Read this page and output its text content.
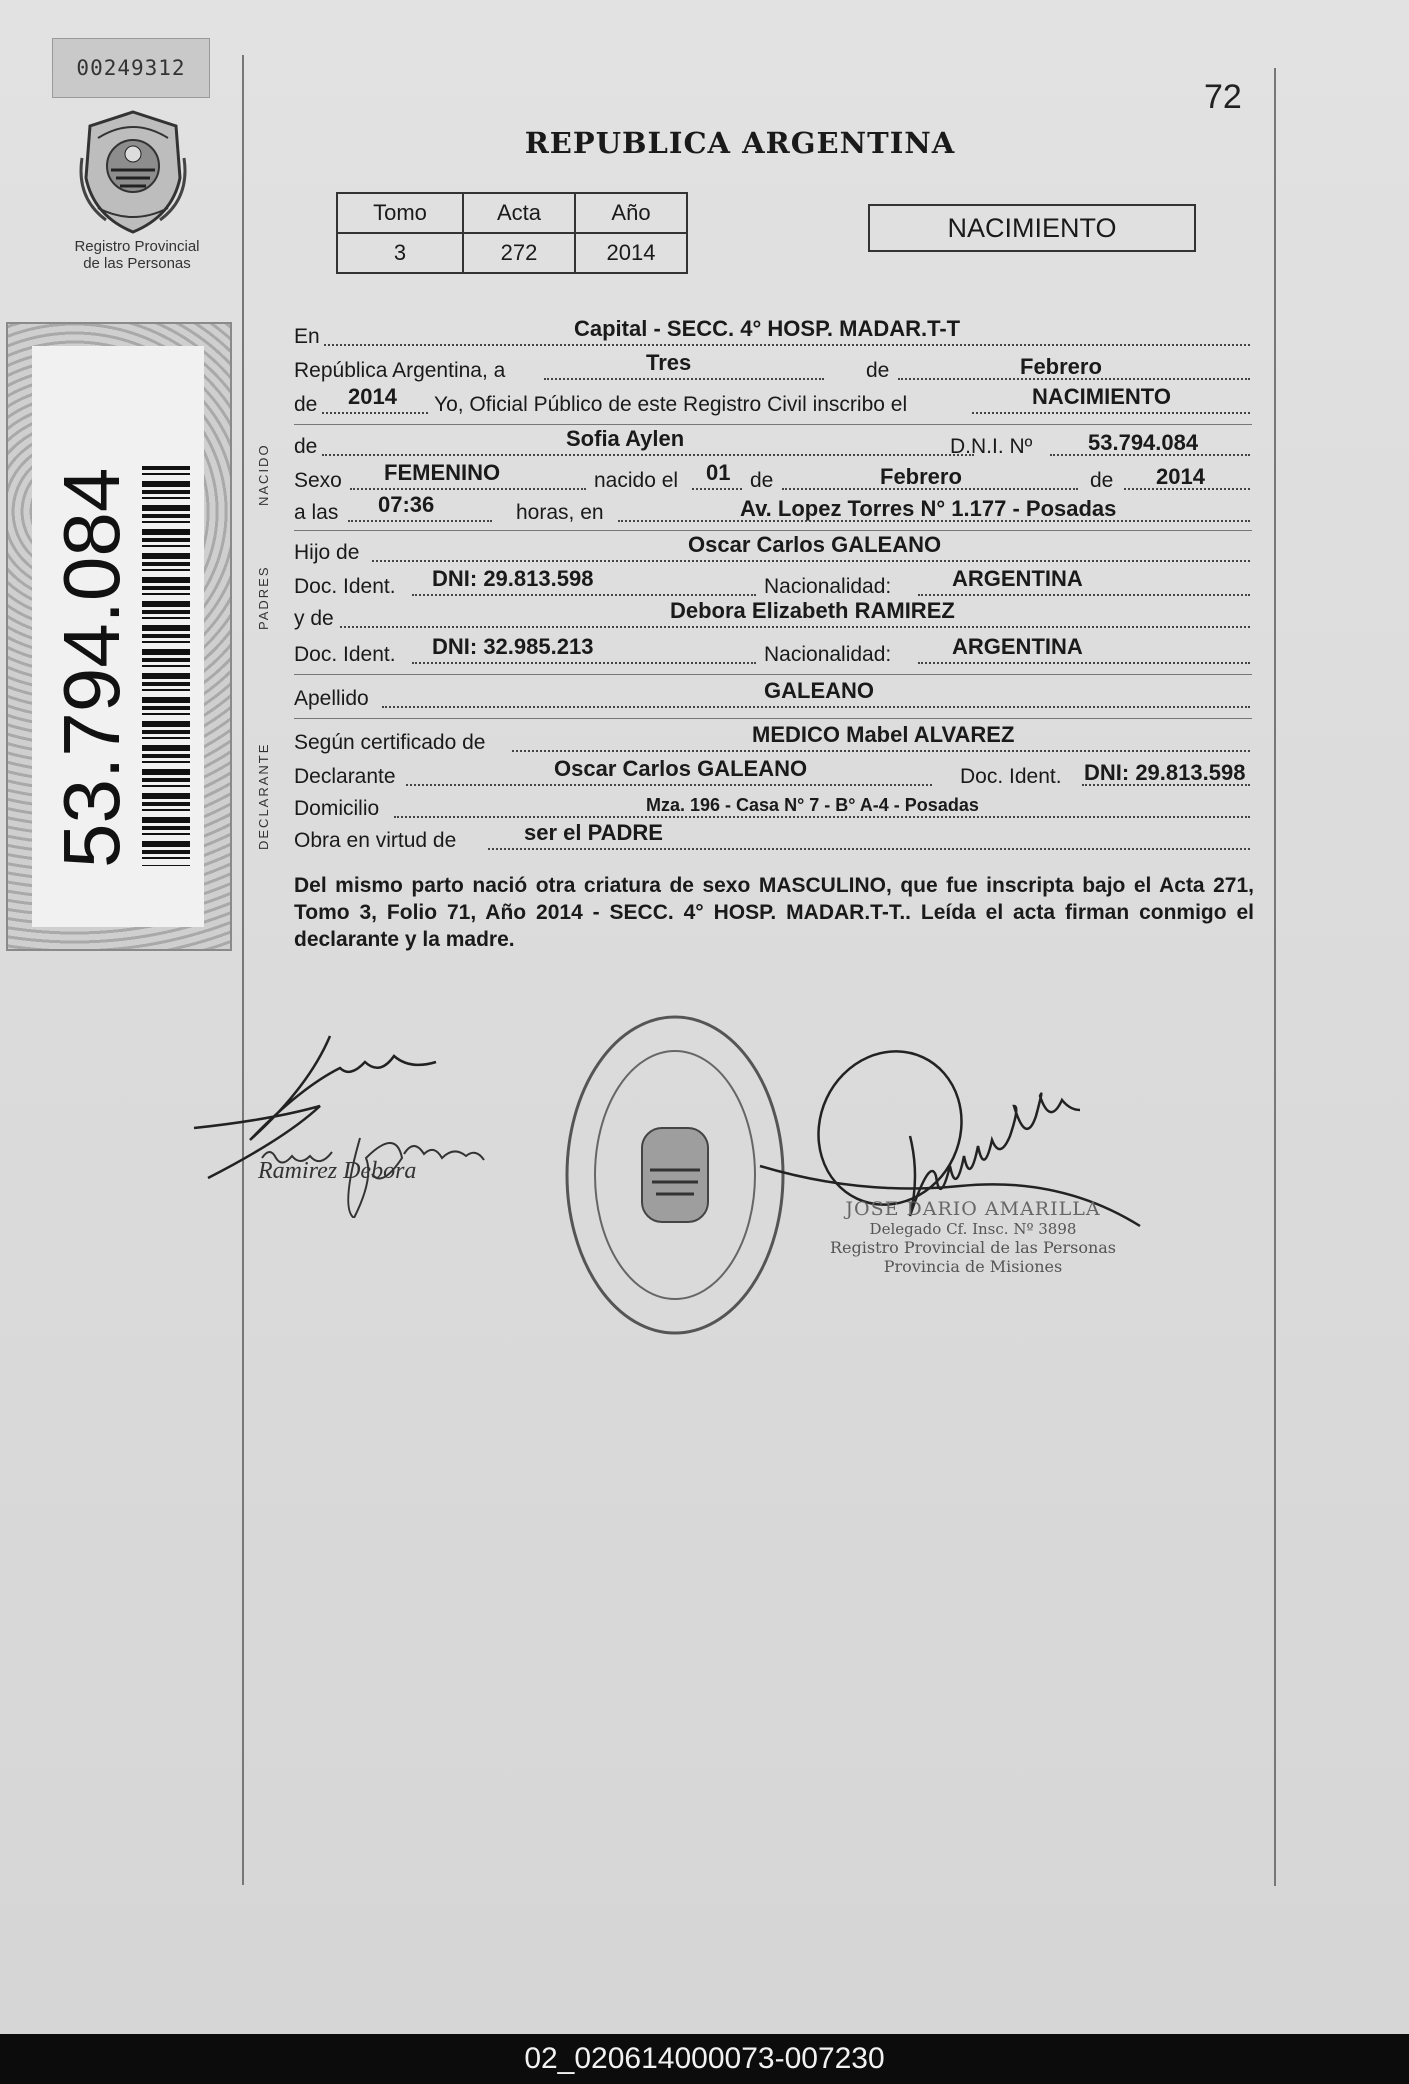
00249312
Registro Provincial
de las Personas
53.794.084
72
REPUBLICA ARGENTINA
Tomo	Acta	Año
3	272	2014
NACIMIENTO
En	Capital - SECC. 4° HOSP. MADAR.T-T
República Argentina, a	Tres	de	Febrero
de 2014 Yo, Oficial Público de este Registro Civil inscribo el	NACIMIENTO
NACIDO de	Sofia Aylen	D.N.I. Nº	53.794.084
Sexo FEMENINO	nacido el 01 de	Febrero	de 2014
a las 07:36	horas, en	Av. Lopez Torres N° 1.177 - Posadas
PADRES
Hijo de	Oscar Carlos GALEANO
Doc. Ident. DNI: 29.813.598	Nacionalidad:	ARGENTINA
y de	Debora Elizabeth RAMIREZ
Doc. Ident. DNI: 32.985.213	Nacionalidad:	ARGENTINA
Apellido	GALEANO
DECLARANTE
Según certificado de	MEDICO Mabel ALVAREZ
Declarante	Oscar Carlos GALEANO	Doc. Ident. DNI: 29.813.598
Domicilio	Mza. 196 - Casa N° 7 - B° A-4 - Posadas
Obra en virtud de	ser el PADRE
Del mismo parto nació otra criatura de sexo MASCULINO, que fue inscripta bajo el Acta 271, Tomo 3, Folio 71, Año 2014 - SECC. 4° HOSP. MADAR.T-T.. Leída el acta firman conmigo el declarante y la madre.
Ramirez Debora
JOSE DARIO AMARILLA
Delegado Cf. Insc. Nº 3898
Registro Provincial de las Personas
Provincia de Misiones
02_020614000073-007230
